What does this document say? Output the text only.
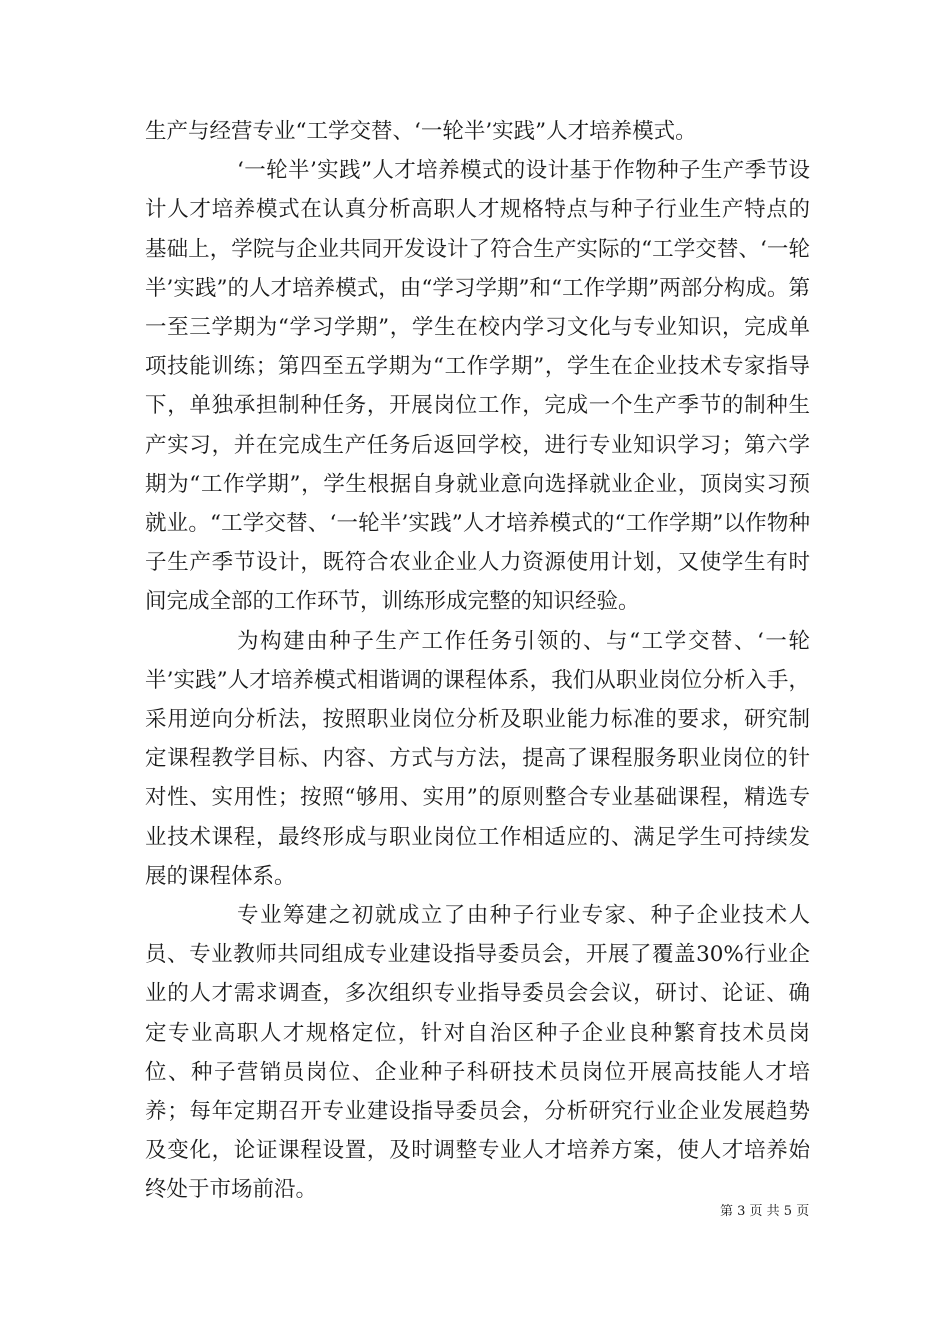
生产与经营专业“工学交替、‘一轮半’实践”人才培养模式。

‘一轮半’实践”人才培养模式的设计基于作物种子生产季节设计人才培养模式在认真分析高职人才规格特点与种子行业生产特点的基础上，学院与企业共同开发设计了符合生产实际的“工学交替、‘一轮半’实践”的人才培养模式，由“学习学期”和“工作学期”两部分构成。第一至三学期为“学习学期”，学生在校内学习文化与专业知识，完成单项技能训练；第四至五学期为“工作学期”，学生在企业技术专家指导下，单独承担制种任务，开展岗位工作，完成一个生产季节的制种生产实习，并在完成生产任务后返回学校，进行专业知识学习；第六学期为“工作学期”，学生根据自身就业意向选择就业企业，顶岗实习预就业。“工学交替、‘一轮半’实践”人才培养模式的“工作学期”以作物种子生产季节设计，既符合农业企业人力资源使用计划，又使学生有时间完成全部的工作环节，训练形成完整的知识经验。

为构建由种子生产工作任务引领的、与“工学交替、‘一轮半’实践”人才培养模式相谐调的课程体系，我们从职业岗位分析入手，采用逆向分析法，按照职业岗位分析及职业能力标准的要求，研究制定课程教学目标、内容、方式与方法，提高了课程服务职业岗位的针对性、实用性；按照“够用、实用”的原则整合专业基础课程，精选专业技术课程，最终形成与职业岗位工作相适应的、满足学生可持续发展的课程体系。

专业筹建之初就成立了由种子行业专家、种子企业技术人员、专业教师共同组成专业建设指导委员会，开展了覆盖30%行业企业的人才需求调查，多次组织专业指导委员会会议，研讨、论证、确定专业高职人才规格定位，针对自治区种子企业良种繁育技术员岗位、种子营销员岗位、企业种子科研技术员岗位开展高技能人才培养；每年定期召开专业建设指导委员会，分析研究行业企业发展趋势及变化，论证课程设置，及时调整专业人才培养方案，使人才培养始终处于市场前沿。

第 3 页 共 5 页
